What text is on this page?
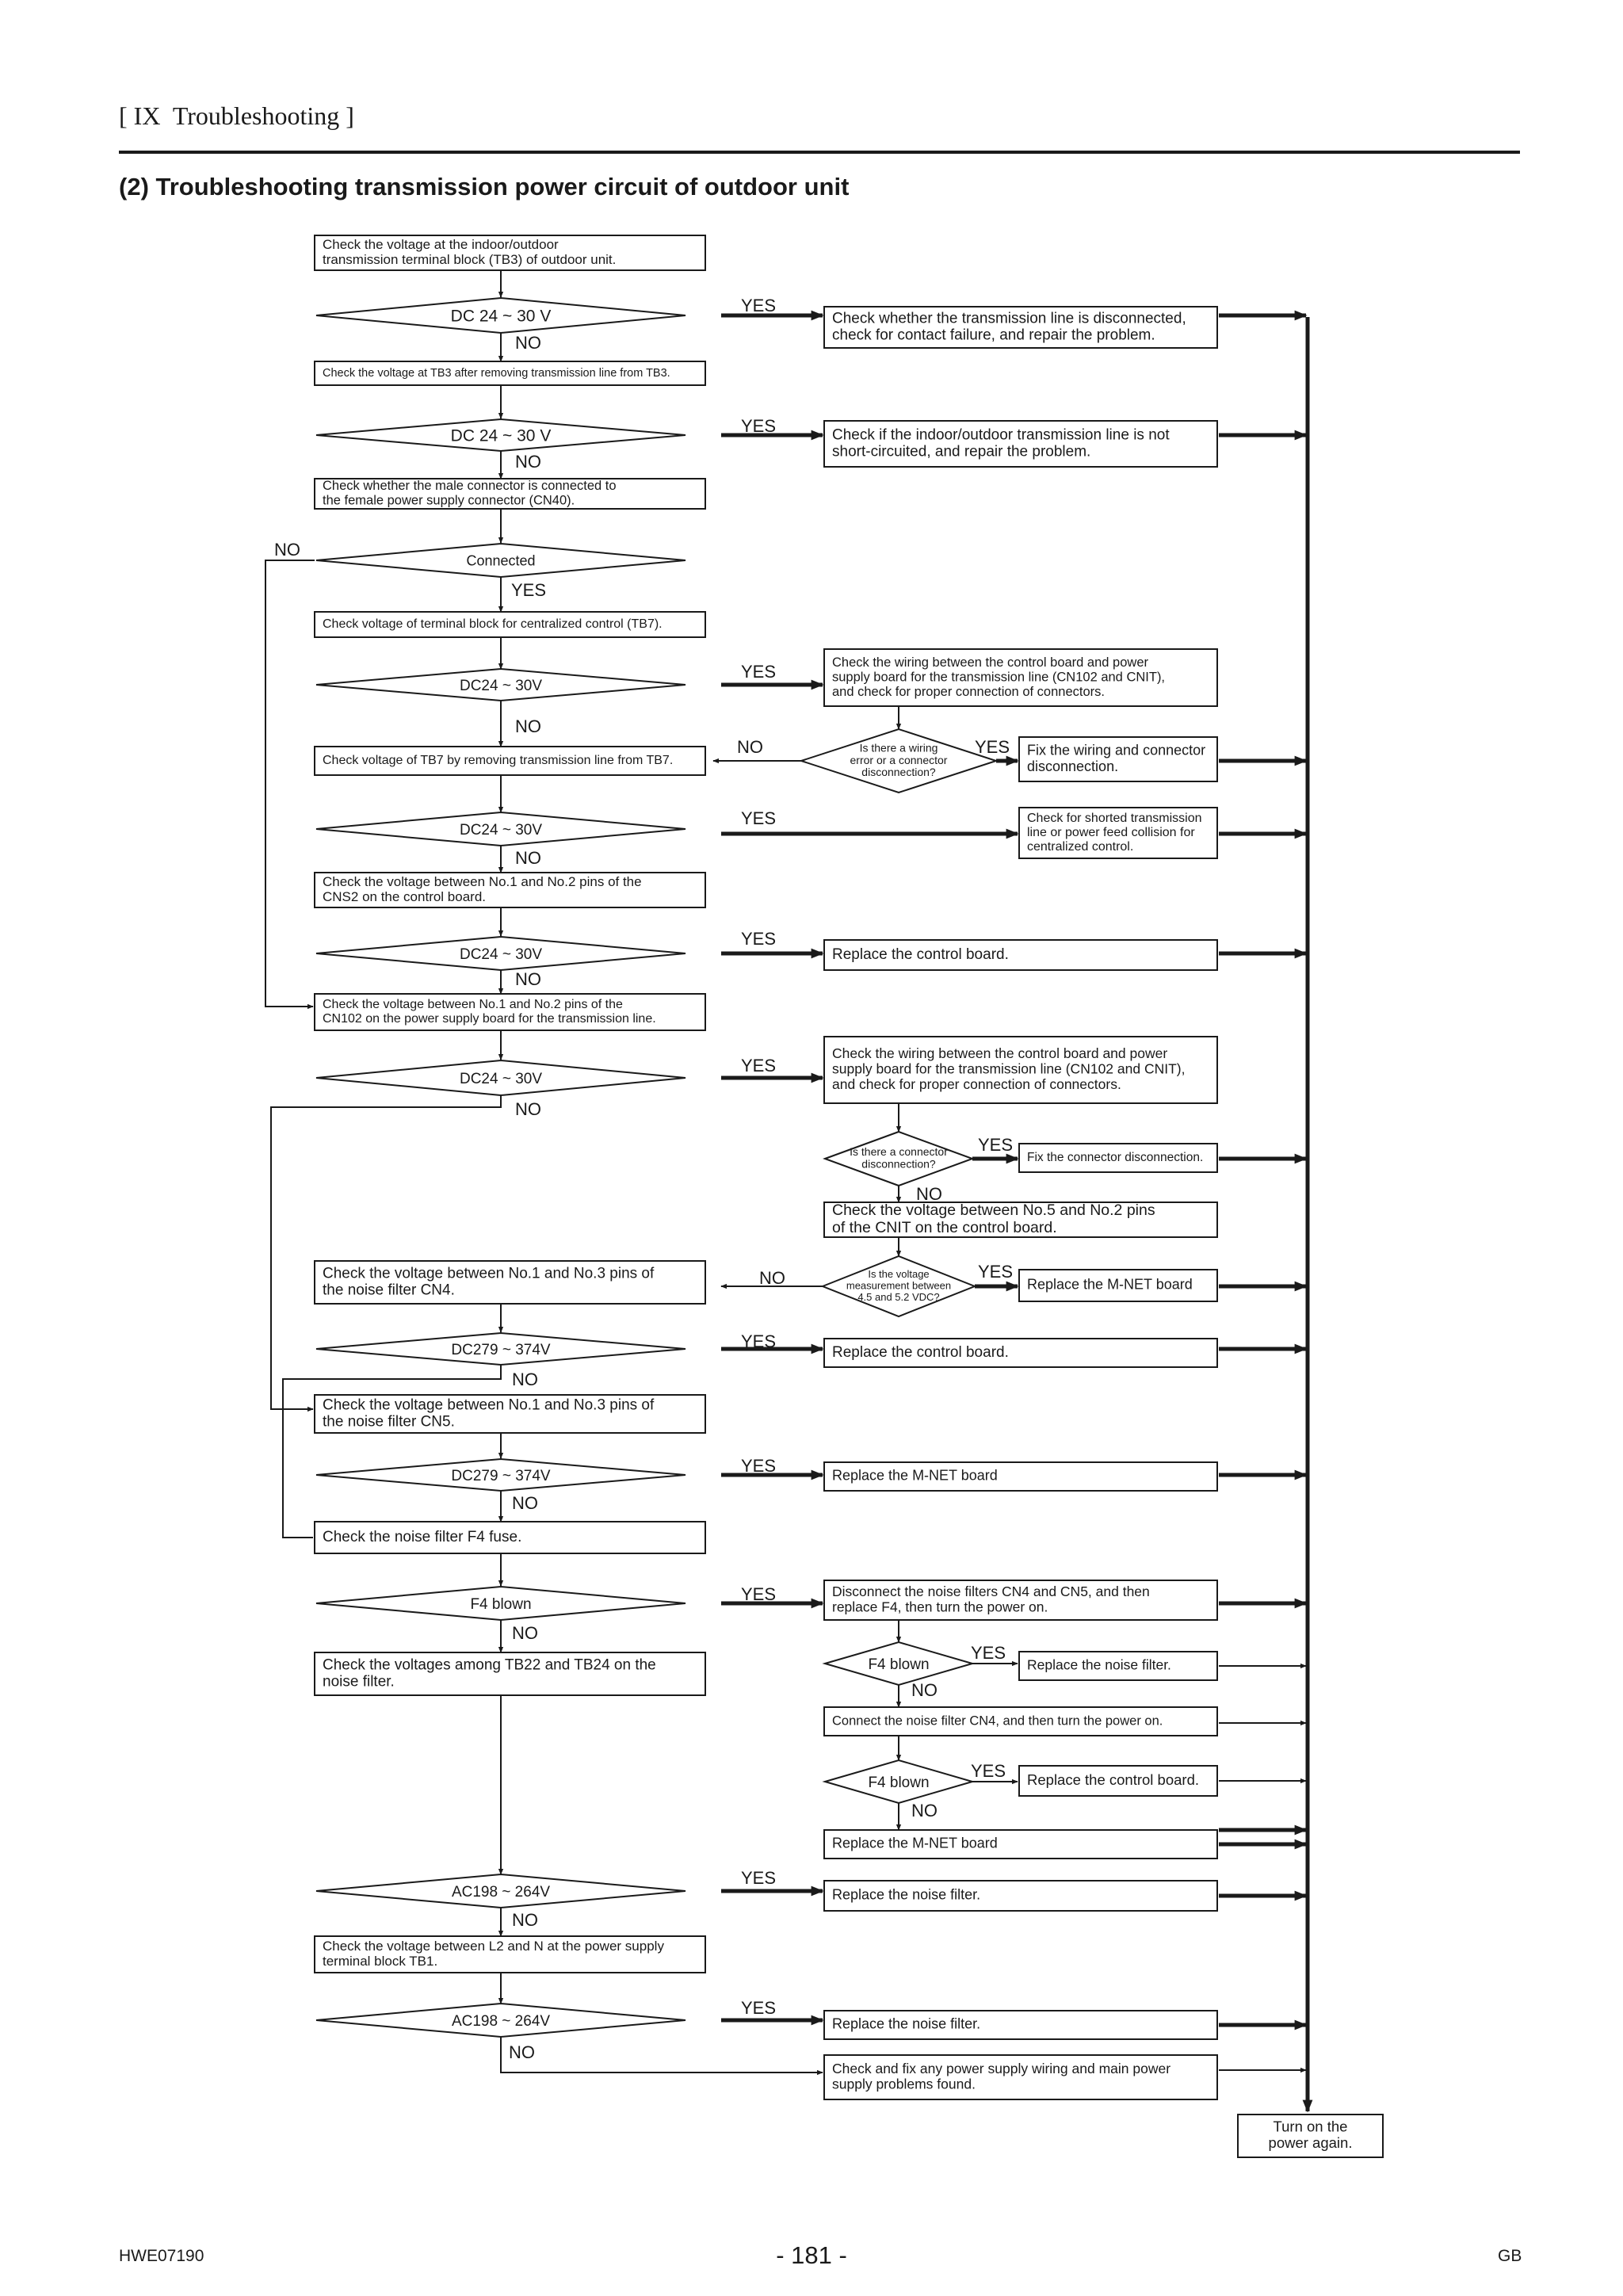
[ IX Troubleshooting ]
(2) Troubleshooting transmission power circuit of outdoor unit
Check the voltage at the indoor/outdoor
transmission terminal block (TB3) of outdoor unit.
DC 24 ~ 30 V
NO
Check the voltage at TB3 after removing transmission line from TB3.
DC 24 ~ 30 V
NO
Check whether the male connector is connected to
the female power supply connector (CN40).
Connected
YES
Check voltage of terminal block for centralized control (TB7).
DC24 ~ 30V
NO
Check voltage of TB7 by removing transmission line from TB7.
DC24 ~ 30V
NO
Check the voltage between No.1 and No.2 pins of the
CNS2 on the control board.
DC24 ~ 30V
NO
Check the voltage between No.1 and No.2 pins of the
CN102 on the power supply board for the transmission line.
DC24 ~ 30V
NO
Check the voltage between No.1 and No.3 pins of
the noise filter CN4.
DC279 ~ 374V
NO
Check the voltage between No.1 and No.3 pins of
the noise filter CN5.
DC279 ~ 374V
NO
Check the noise filter F4 fuse.
F4 blown
NO
Check the voltages among TB22 and TB24 on the
noise filter.
AC198 ~ 264V
NO
Check the voltage between L2 and N at the power supply
terminal block TB1.
AC198 ~ 264V
NO
Check whether the transmission line is disconnected,
check for contact failure, and repair the problem.
Check if the indoor/outdoor transmission line is not
short-circuited, and repair the problem.
Check the wiring between the control board and power
supply board for the transmission line (CN102 and CNIT),
and check for proper connection of connectors.
Is there a wiring
error or a connector
disconnection?
Fix the wiring and connector
disconnection.
Check for shorted transmission
line or power feed collision for
centralized control.
Replace the control board.
Check the wiring between the control board and power
supply board for the transmission line (CN102 and CNIT),
and check for proper connection of connectors.
Is there a connector
disconnection?	Fix the connector disconnection.
NO
Check the voltage between No.5 and No.2 pins
of the CNIT on the control board.
Is the voltage
measurement between
4.5 and 5.2 VDC?
Replace the M-NET board
Replace the control board.
Replace the M-NET board
Disconnect the noise filters CN4 and CN5, and then
replace F4, then turn the power on.
F4 blown	Replace the noise filter.
NO
Connect the noise filter CN4, and then turn the power on.
F4 blown	Replace the control board.
NO
Replace the M-NET board
Replace the noise filter.
Replace the noise filter.
Check and fix any power supply wiring and main power
supply problems found.
Turn on the
power again.
YES
YES
YES
YES
YES
YES
YES
YES
YES
YES
YES
YES
NO
YES
YES
NO
YES
YES
NO
HWE07190	- 181 -	GB
